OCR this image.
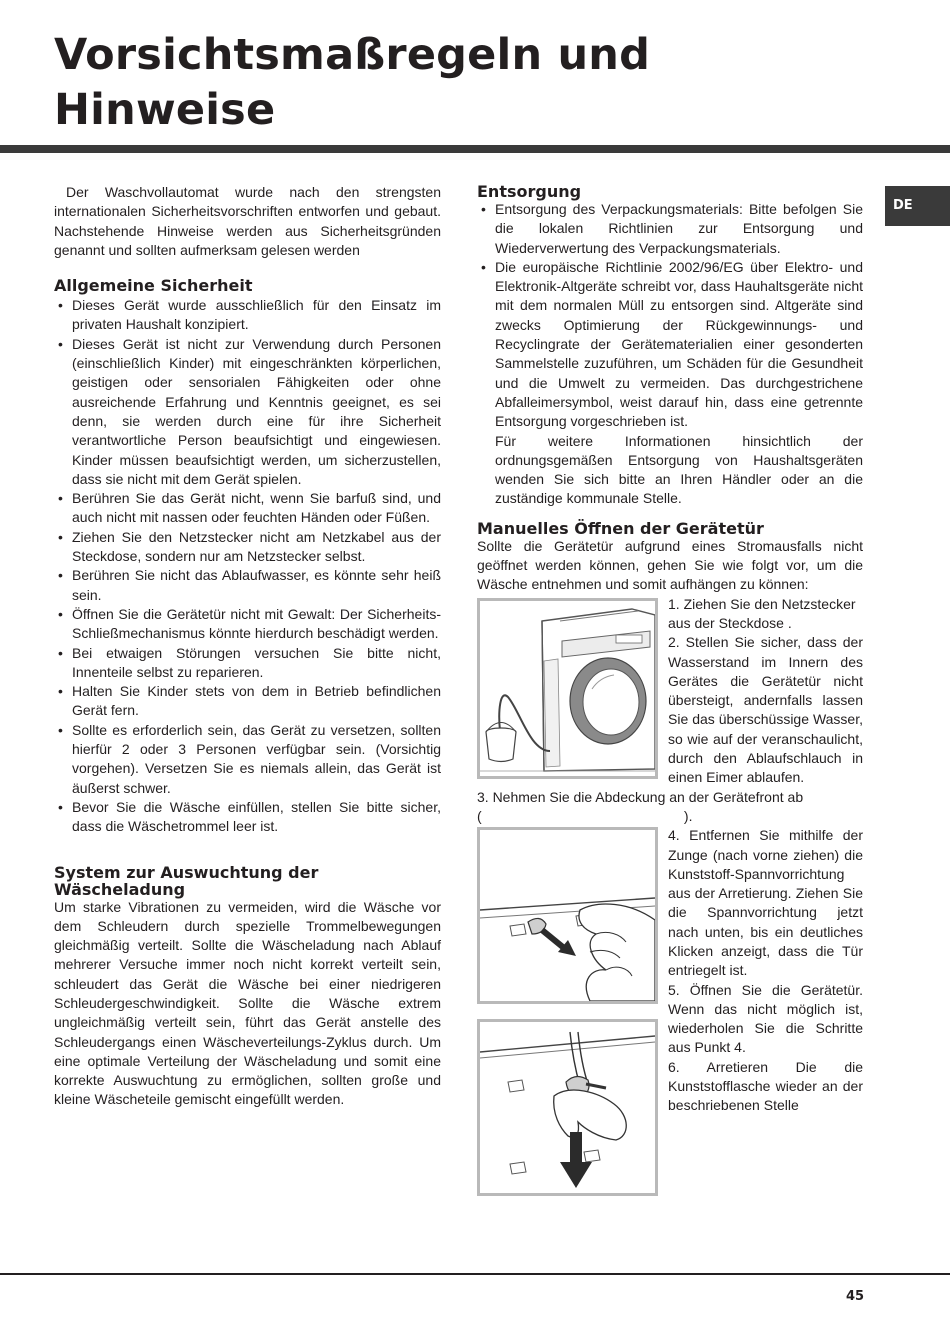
Vorsichtsmaßregeln und
Hinweise
DE

Der Waschvollautomat wurde nach den strengsten internationalen Sicherheitsvorschriften entworfen und gebaut. Nachstehende Hinweise werden aus Sicherheitsgründen genannt und sollten aufmerksam gelesen werden

Allgemeine Sicherheit
• Dieses Gerät wurde ausschließlich für den Einsatz im privaten Haushalt konzipiert.
• Dieses Gerät ist nicht zur Verwendung durch Personen (einschließlich Kinder) mit eingeschränkten körperlichen, geistigen oder sensorialen Fähigkeiten oder ohne ausreichende Erfahrung und Kenntnis geeignet, es sei denn, sie werden durch eine für ihre Sicherheit verantwortliche Person beaufsichtigt und eingewiesen. Kinder müssen beaufsichtigt werden, um sicherzustellen, dass sie nicht mit dem Gerät spielen.
• Berühren Sie das Gerät nicht, wenn Sie barfuß sind, und auch nicht mit nassen oder feuchten Händen oder Füßen.
• Ziehen Sie den Netzstecker nicht am Netzkabel aus der Steckdose, sondern nur am Netzstecker selbst.
• Berühren Sie nicht das Ablaufwasser, es könnte sehr heiß sein.
• Öffnen Sie die Gerätetür nicht mit Gewalt: Der Sicherheits-Schließmechanismus könnte hierdurch beschädigt werden.
• Bei etwaigen Störungen versuchen Sie bitte nicht, Innenteile selbst zu reparieren.
• Halten Sie Kinder stets von dem in Betrieb befindlichen Gerät fern.
• Sollte es erforderlich sein, das Gerät zu versetzen, sollten hierfür 2 oder 3 Personen verfügbar sein. (Vorsichtig vorgehen). Versetzen Sie es niemals allein, das Gerät ist äußerst schwer.
• Bevor Sie die Wäsche einfüllen, stellen Sie bitte sicher, dass die Wäschetrommel leer ist.
System zur Auswuchtung der
Wäscheladung

Um starke Vibrationen zu vermeiden, wird die Wäsche vor dem Schleudern durch spezielle Trommelbewegungen gleichmäßig verteilt. Sollte die Wäscheladung nach Ablauf mehrerer Versuche immer noch nicht korrekt verteilt sein, schleudert das Gerät die Wäsche bei einer niedrigeren Schleudergeschwindigkeit. Sollte die Wäsche extrem ungleichmäßig verteilt sein, führt das Gerät anstelle des Schleudergangs einen Wäscheverteilungs-Zyklus durch. Um eine optimale Verteilung der Wäscheladung und somit eine korrekte Auswuchtung zu ermöglichen, sollten große und kleine Wäscheteile gemischt eingefüllt werden.

Entsorgung
• Entsorgung des Verpackungsmaterials: Bitte befolgen Sie die lokalen Richtlinien zur Entsorgung und Wiederverwertung des Verpackungsmaterials.
• Die europäische Richtlinie 2002/96/EG über Elektro- und Elektronik-Altgeräte schreibt vor, dass Hauhaltsgeräte nicht mit dem normalen Müll zu entsorgen sind. Altgeräte sind zwecks Optimierung der Rückgewinnungs- und Recyclingrate der Gerätematerialien einer gesonderten Sammelstelle zuzuführen, um Schäden für die Gesundheit und die Umwelt zu vermeiden. Das durchgestrichene Abfalleimersymbol, weist darauf hin, dass eine getrennte Entsorgung vorgeschrieben ist.
Für weitere Informationen hinsichtlich der ordnungsgemäßen Entsorgung von Haushaltsgeräten wenden Sie sich bitte an Ihren Händler oder an die zuständige kommunale Stelle.
Manuelles Öffnen der Gerätetür

Sollte die Gerätetür aufgrund eines Stromausfalls nicht geöffnet werden können, gehen Sie wie folgt vor, um die Wäsche entnehmen und somit aufhängen zu können:

1. Ziehen Sie den Netzstecker aus der Steckdose .

2. Stellen Sie sicher, dass der Wasserstand im Innern des Gerätes die Gerätetür nicht übersteigt, andernfalls lassen Sie das überschüssige Wasser, so wie auf der veranschaulicht, durch den Ablaufschlauch in einen Eimer ablaufen.

3. Nehmen Sie die Abdeckung an der Gerätefront ab

(                                                    ).

4. Entfernen Sie mithilfe der Zunge (nach vorne ziehen) die Kunststoff-Spannvorrichtung aus der Arretierung. Ziehen Sie die Spannvorrichtung jetzt nach unten, bis ein deutliches Klicken anzeigt, dass die Tür entriegelt ist.

5. Öffnen Sie die Gerätetür. Wenn das nicht möglich ist, wiederholen Sie die Schritte aus Punkt 4.

6. Arretieren Die die Kunststofflasche wieder an der beschriebenen Stelle

45
